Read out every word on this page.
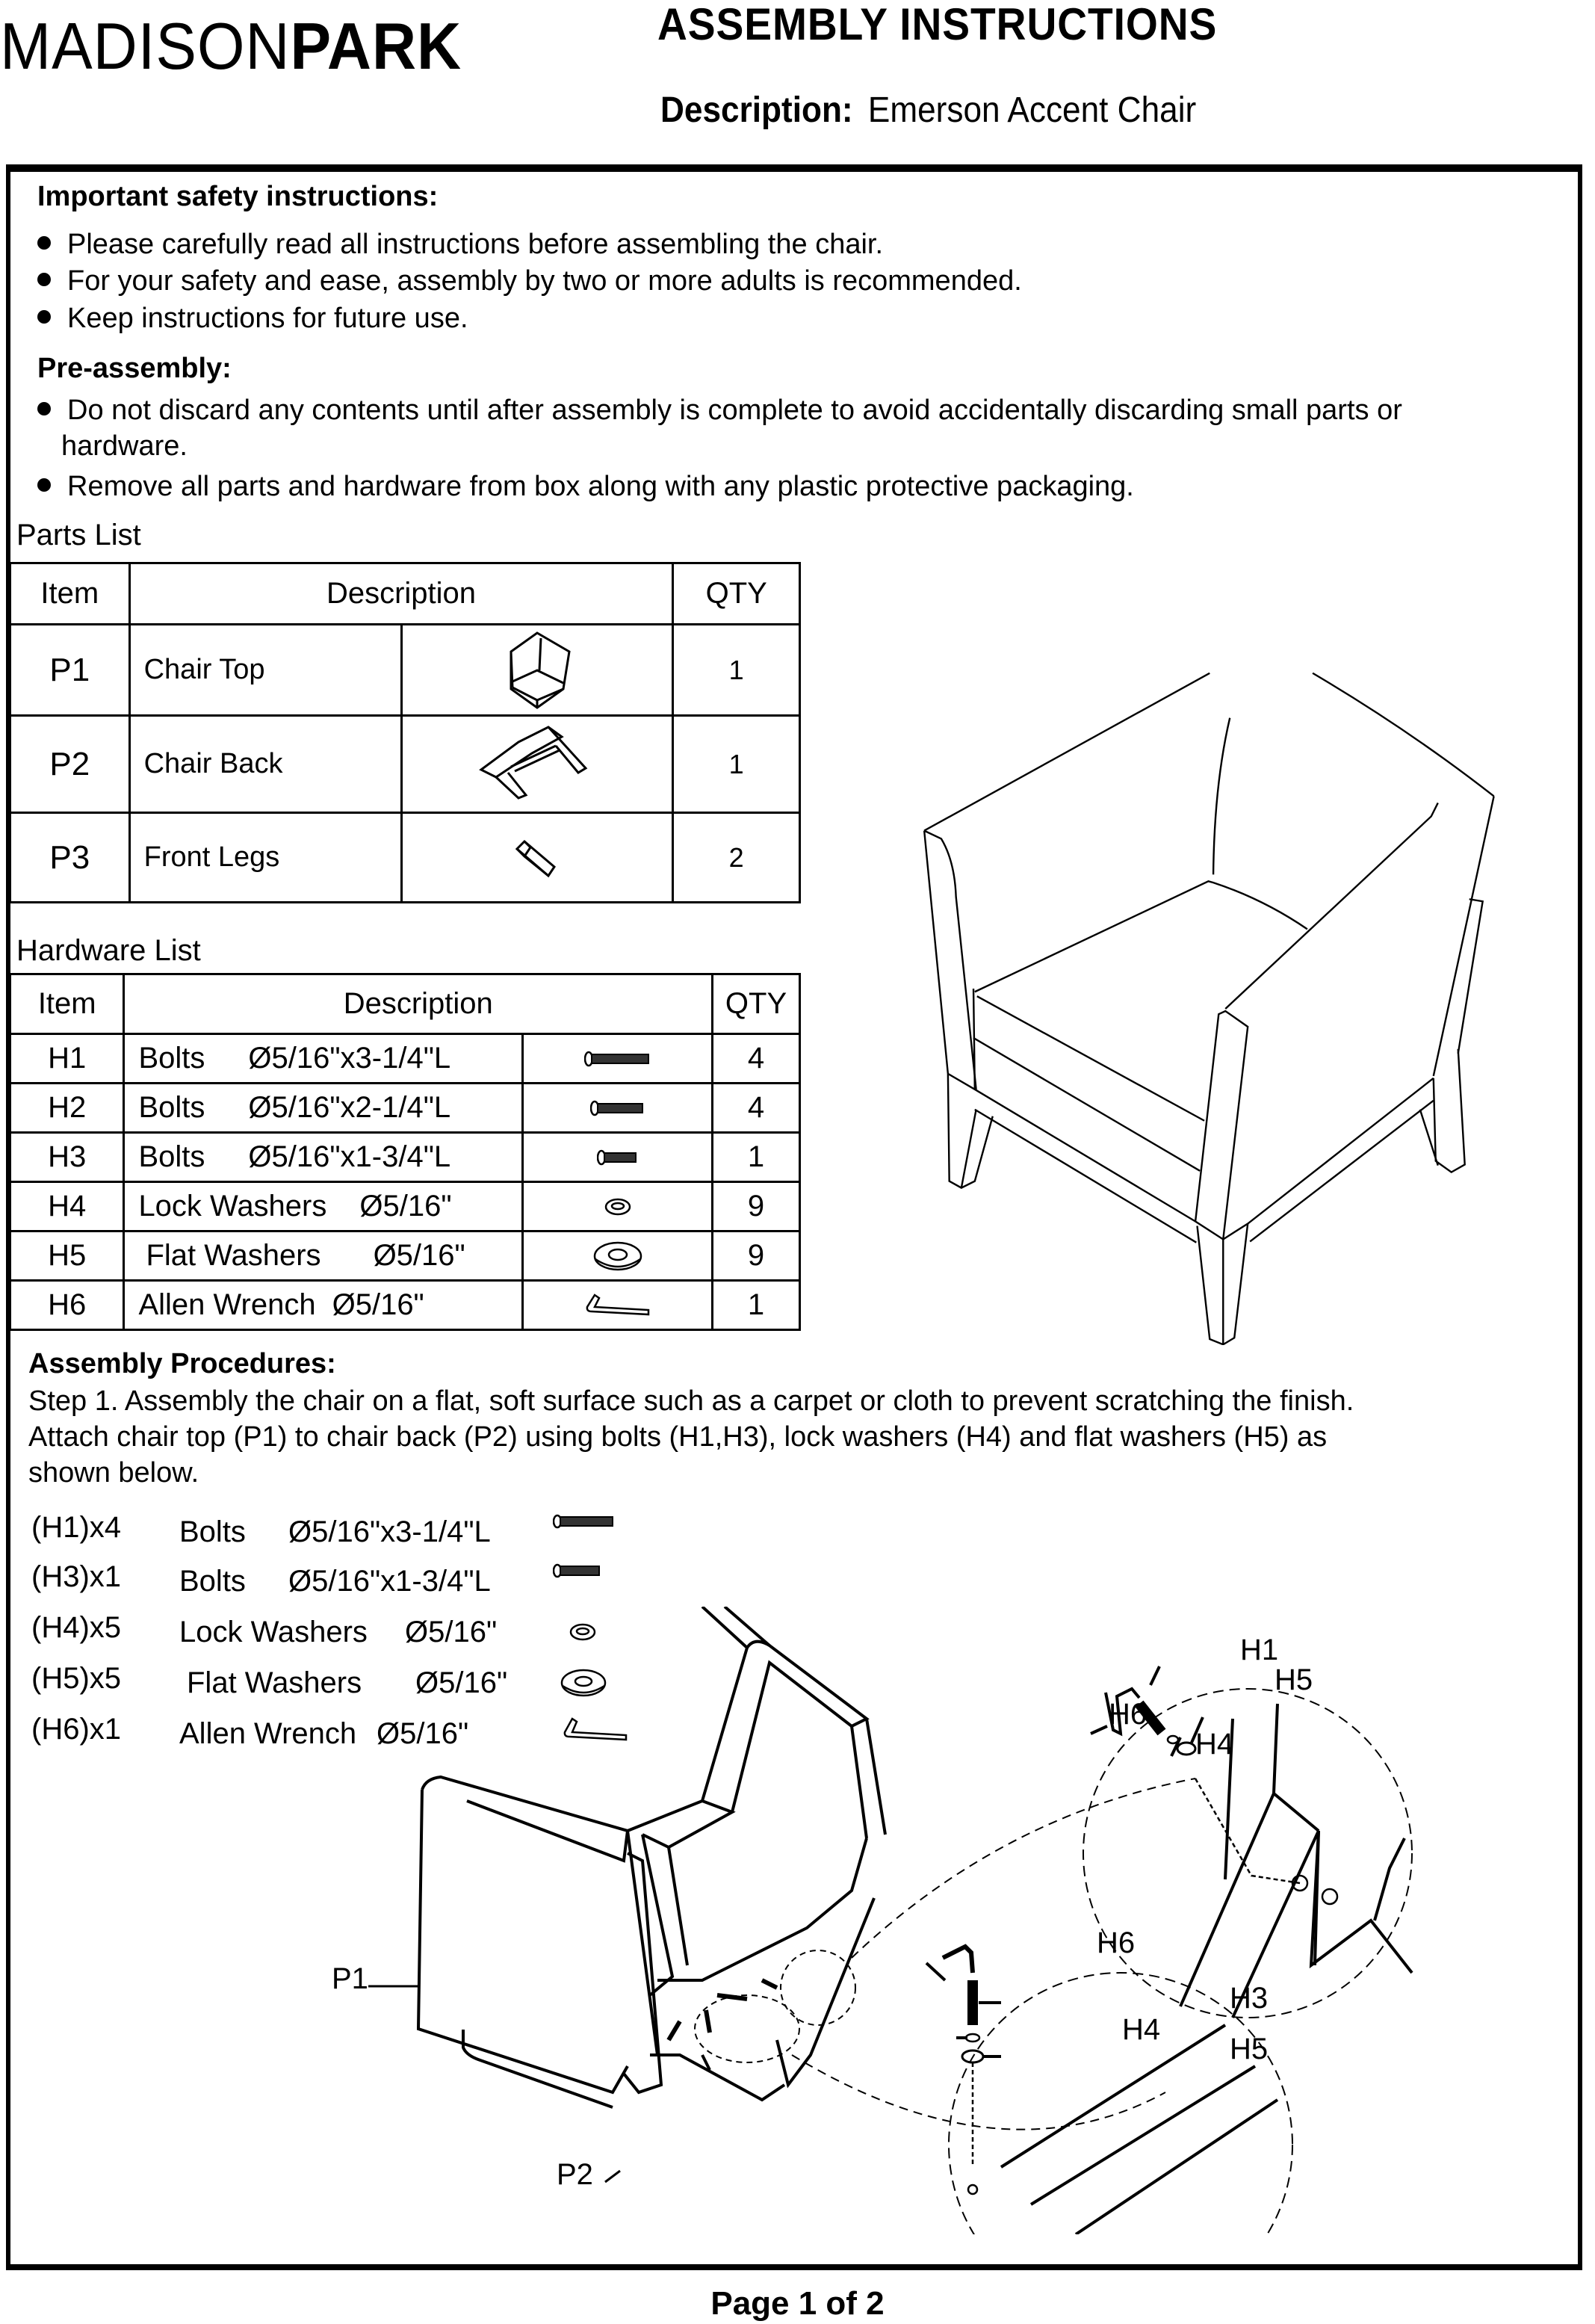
MADISONPARK	ASSEMBLY INSTRUCTIONS
Description: Emerson Accent Chair
Important safety instructions:
Please carefully read all instructions before assembling the chair.
For your safety and ease, assembly by two or more adults is recommended.
Keep instructions for future use.
Pre-assembly:
Do not discard any contents until after assembly is complete to avoid accidentally discarding small parts or
hardware.
Remove all parts and hardware from box along with any plastic protective packaging.
Parts List
Item	Description		QTY
P1	Chair Top		1
P2	Chair Back		1
P3	Front Legs		2
Hardware List
Item	Description		QTY
H1	Bolts Ø5/16"x3-1/4"L		4
H2	Bolts Ø5/16"x2-1/4"L		4
H3	Bolts Ø5/16"x1-3/4"L		1
H4	Lock Washers Ø5/16"		9
H5	Flat Washers Ø5/16"		9
H6	Allen Wrench Ø5/16"		1
Assembly Procedures:
Step 1. Assembly the chair on a flat, soft surface such as a carpet or cloth to prevent scratching the finish.
Attach chair top (P1) to chair back (P2) using bolts (H1,H3), lock washers (H4) and flat washers (H5) as
shown below.
(H1)x4 Bolts Ø5/16"x3-1/4"L
(H3)x1 Bolts Ø5/16"x1-3/4"L
(H4)x5 Lock Washers Ø5/16"
(H5)x5 Flat Washers Ø5/16"
(H6)x1 Allen Wrench Ø5/16"
P1
P2
H1
H5
H6
H4
H6
H3
H4
H5
Page 1 of 2
